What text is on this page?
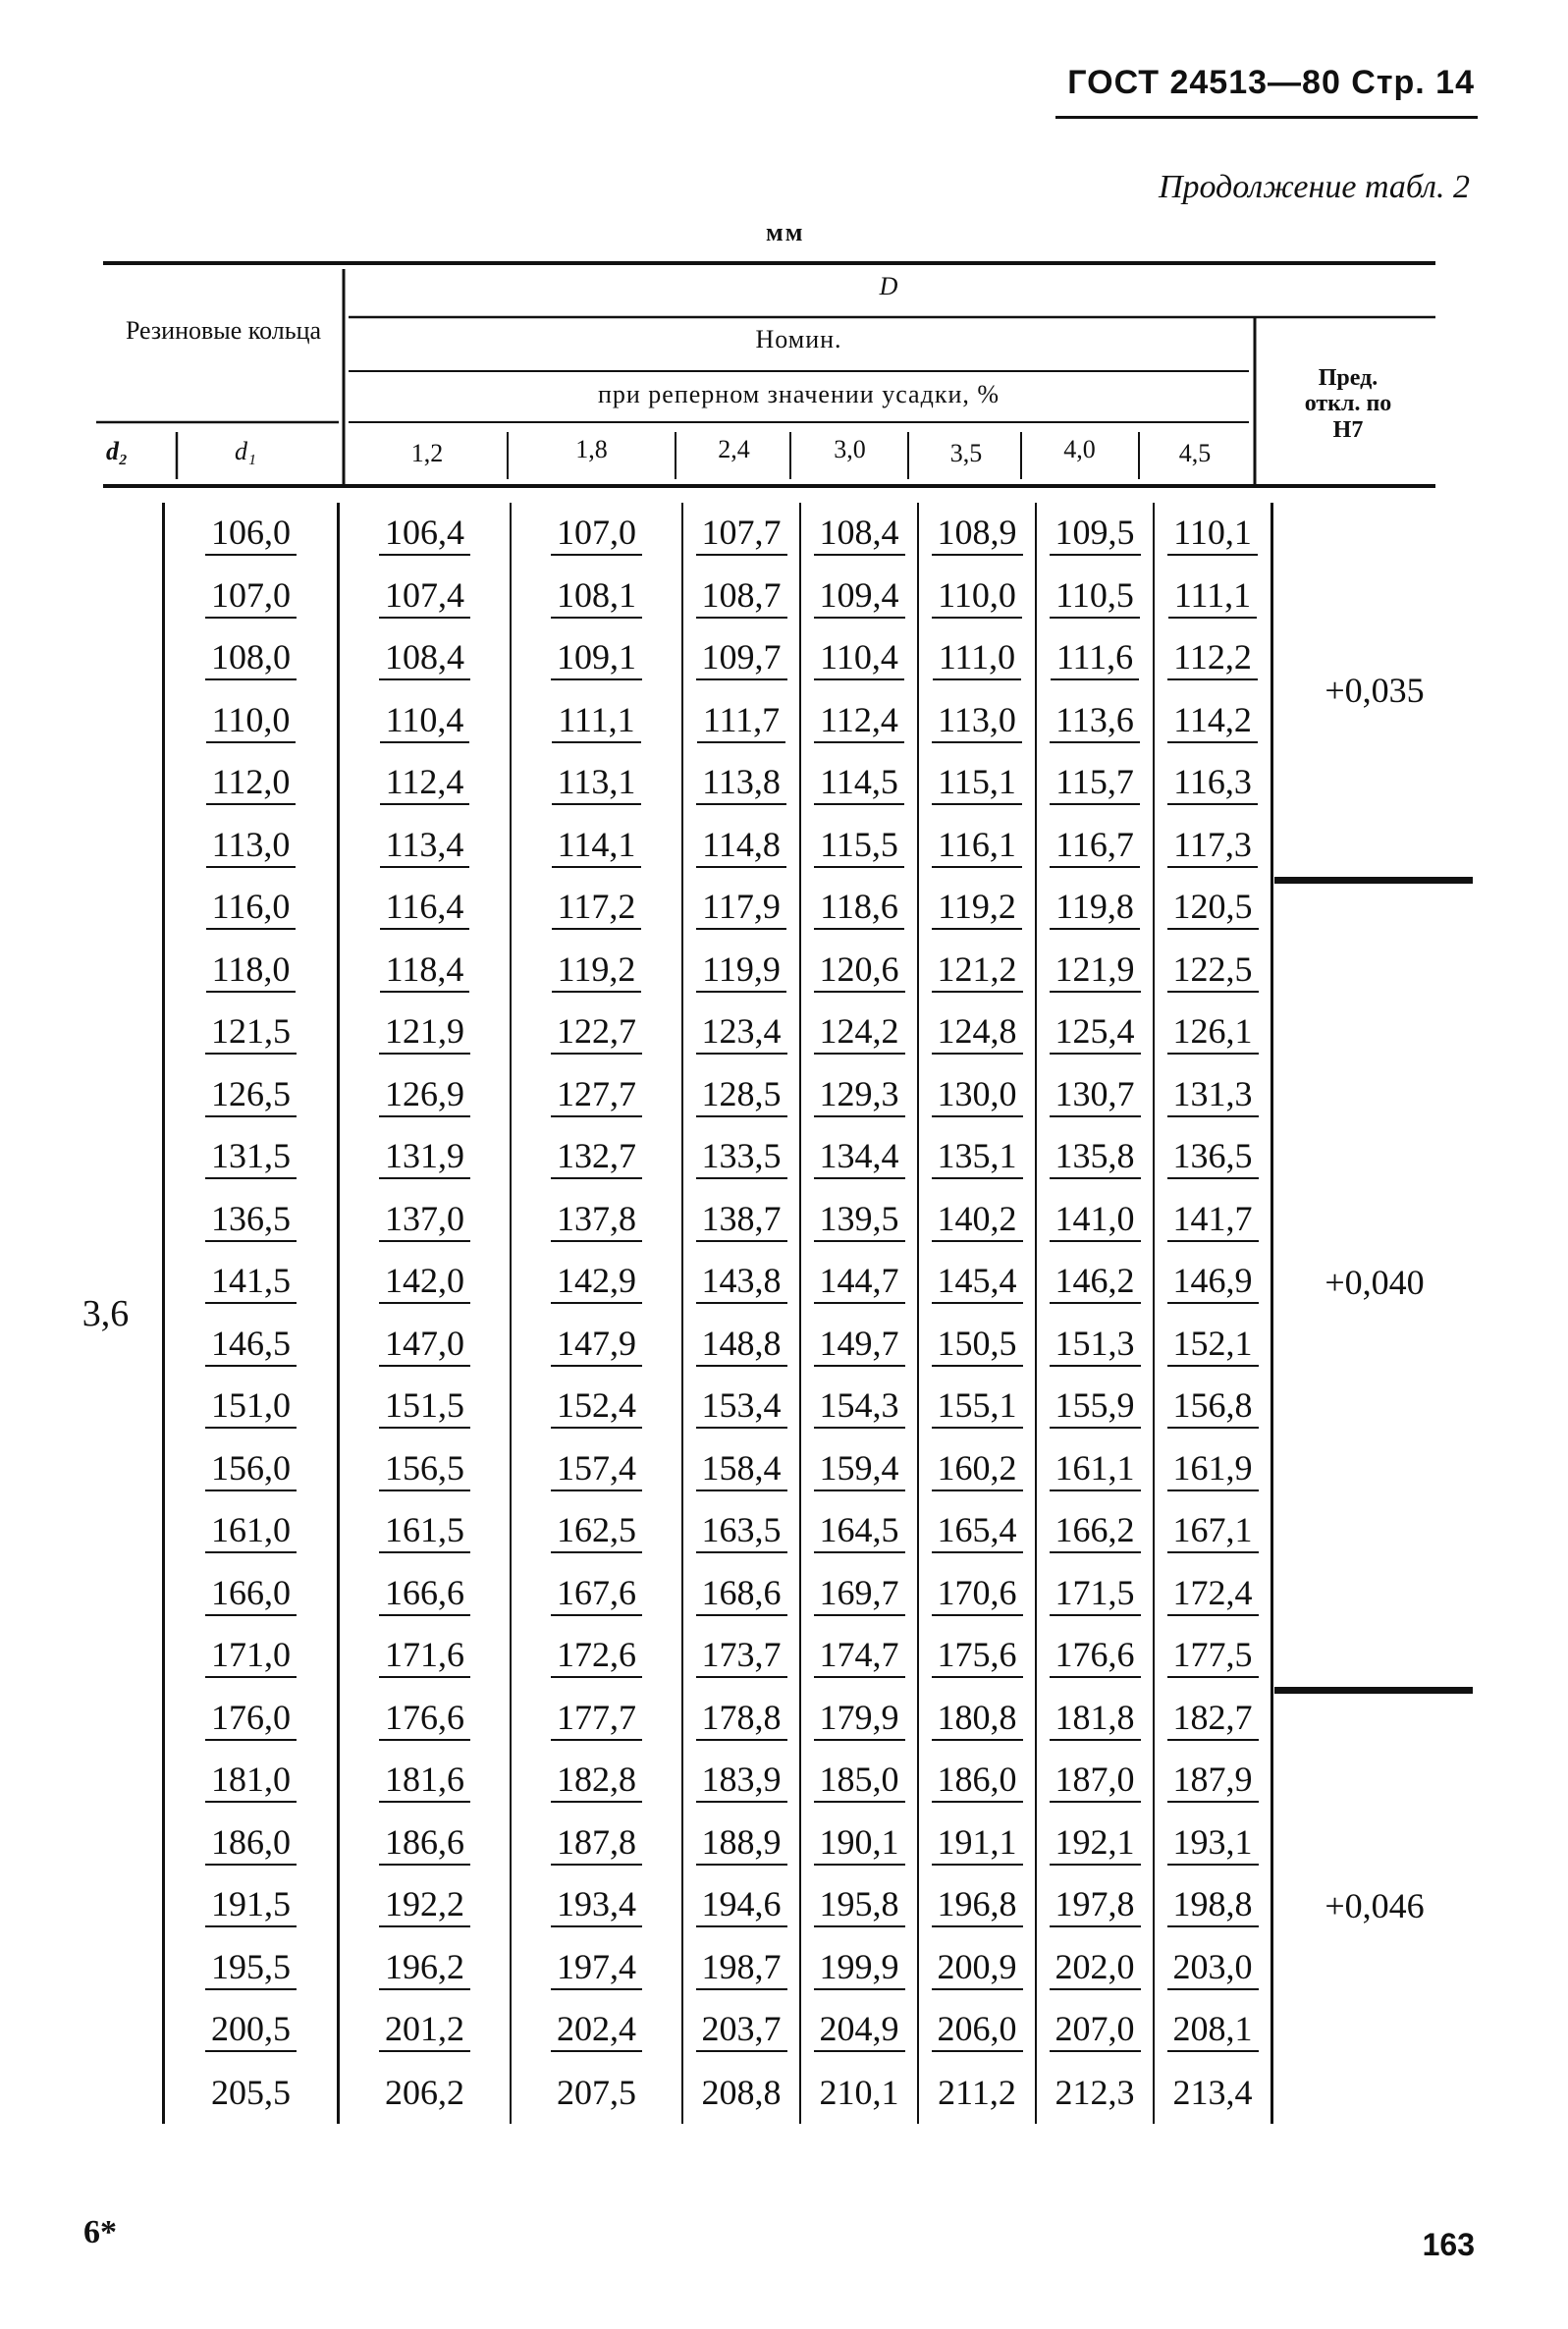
ГОСТ 24513—80 Стр. 14
Продолжение табл. 2
мм
Резиновые кольца
D
Номин.
при реперном значении усадки, %
Пред. откл. по Н7
d₂	d₁	1,2	1,8	2,4	3,0	3,5	4,0	4,5
3,6	106,0	106,4	107,0	107,7	108,4	108,9	109,5	110,1	+0,035
	107,0	107,4	108,1	108,7	109,4	110,0	110,5	111,1	
	108,0	108,4	109,1	109,7	110,4	111,0	111,6	112,2	
	110,0	110,4	111,1	111,7	112,4	113,0	113,6	114,2	
	112,0	112,4	113,1	113,8	114,5	115,1	115,7	116,3	
	113,0	113,4	114,1	114,8	115,5	116,1	116,7	117,3	
	116,0	116,4	117,2	117,9	118,6	119,2	119,8	120,5	+0,040
	118,0	118,4	119,2	119,9	120,6	121,2	121,9	122,5	
	121,5	121,9	122,7	123,4	124,2	124,8	125,4	126,1	
	126,5	126,9	127,7	128,5	129,3	130,0	130,7	131,3	
	131,5	131,9	132,7	133,5	134,4	135,1	135,8	136,5	
	136,5	137,0	137,8	138,7	139,5	140,2	141,0	141,7	
	141,5	142,0	142,9	143,8	144,7	145,4	146,2	146,9	
	146,5	147,0	147,9	148,8	149,7	150,5	151,3	152,1	
	151,0	151,5	152,4	153,4	154,3	155,1	155,9	156,8	
	156,0	156,5	157,4	158,4	159,4	160,2	161,1	161,9	
	161,0	161,5	162,5	163,5	164,5	165,4	166,2	167,1	
	166,0	166,6	167,6	168,6	169,7	170,6	171,5	172,4	
	171,0	171,6	172,6	173,7	174,7	175,6	176,6	177,5	
	176,0	176,6	177,7	178,8	179,9	180,8	181,8	182,7	+0,046
	181,0	181,6	182,8	183,9	185,0	186,0	187,0	187,9	
	186,0	186,6	187,8	188,9	190,1	191,1	192,1	193,1	
	191,5	192,2	193,4	194,6	195,8	196,8	197,8	198,8	
	195,5	196,2	197,4	198,7	199,9	200,9	202,0	203,0	
	200,5	201,2	202,4	203,7	204,9	206,0	207,0	208,1	
	205,5	206,2	207,5	208,8	210,1	211,2	212,3	213,4	
6*	163
